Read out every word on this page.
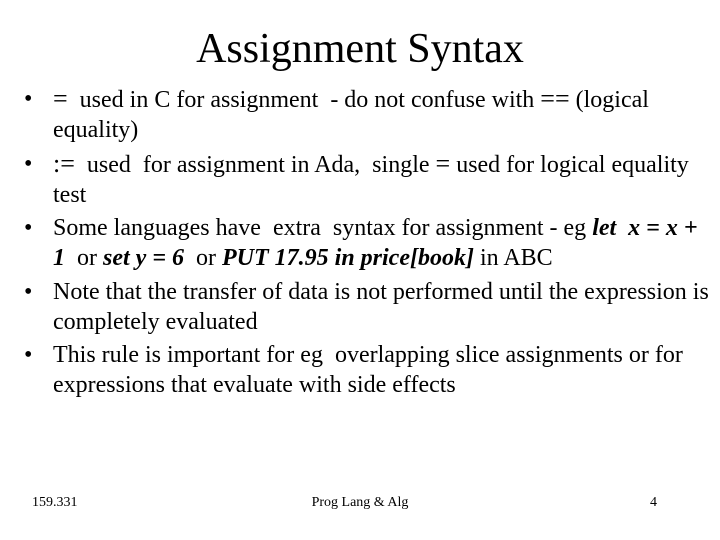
Assignment Syntax
• =  used in C for assignment  - do not confuse with == (logical equality)
• :=  used  for assignment in Ada,  single = used for logical equality test
• Some languages have  extra  syntax for assignment - eg let  x = x + 1  or set y = 6  or PUT 17.95 in price[book] in ABC
• Note that the transfer of data is not performed until the expression is completely evaluated
• This rule is important for eg  overlapping slice assignments or for expressions that evaluate with side effects
159.331	Prog Lang & Alg	4
